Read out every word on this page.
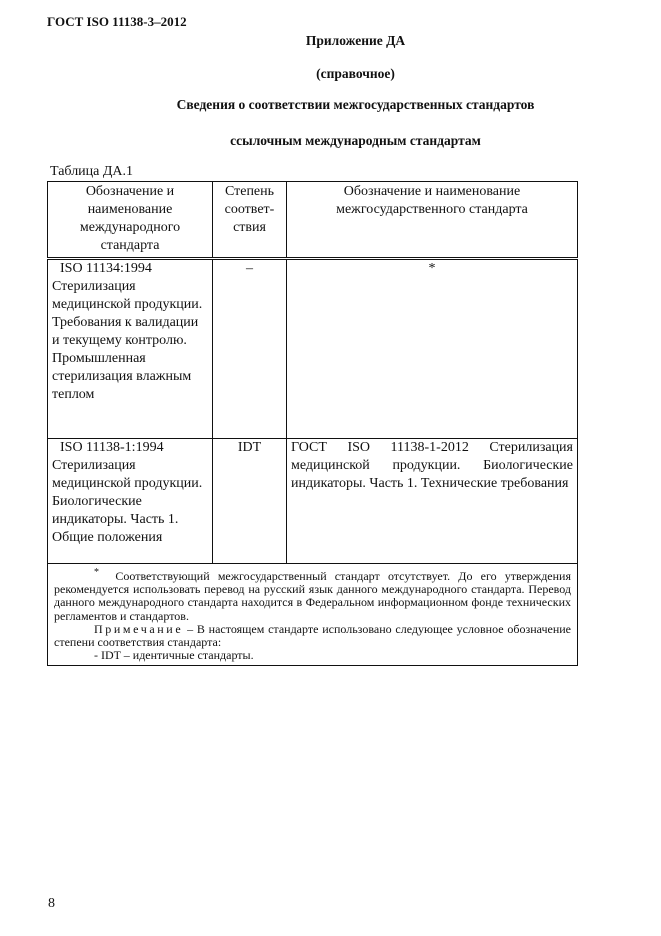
ГОСТ ISO 11138-3–2012
Приложение ДА
(справочное)
Сведения о соответствии межгосударственных стандартов
ссылочным международным стандартам
Таблица ДА.1
Обозначение и наименование международного стандарта	Степень соответ-ствия	Обозначение и наименование межгосударственного стандарта

ISO 11134:1994
Стерилизация медицинской продукции. Требования к валидации и текущему контролю. Промышленная стерилизация влажным теплом	–	*

ISO 11138-1:1994
Стерилизация медицинской продукции. Биологические индикаторы. Часть 1. Общие положения	IDT	ГОСТ ISO 11138-1-2012 Стерилизация медицинской продукции. Биологические индикаторы. Часть 1. Технические требования

* Соответствующий межгосударственный стандарт отсутствует. До его утверждения рекомендуется использовать перевод на русский язык данного международного стандарта. Перевод данного международного стандарта находится в Федеральном информационном фонде технических регламентов и стандартов.

Примечание – В настоящем стандарте использовано следующее условное обозначение степени соответствия стандарта:

- IDT – идентичные стандарты.		

8
